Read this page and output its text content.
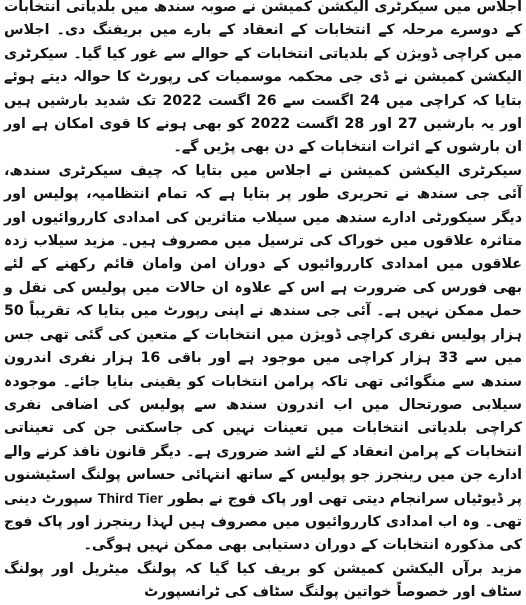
اجلاس میں سیکرٹری الیکشن کمیشن نے صوبہ سندھ میں بلدیاتی انتخابات کے دوسرے مرحلہ کے انتخابات کے انعقاد کے بارے میں بریفنگ دی۔ اجلاس میں کراچی ڈویژن کے بلدیاتی انتخابات کے حوالے سے غور کیا گیا۔ سیکرٹری الیکشن کمیشن نے ڈی جی محکمہ موسمیات کی رپورٹ کا حوالہ دیتے ہوئے بتایا کہ کراچی میں 24 اگست سے 26 اگست 2022 تک شدید بارشیں ہیں اور یہ بارشیں 27 اور 28 اگست 2022 کو بھی ہونے کا قوی امکان ہے اور ان بارشوں کے اثرات انتخابات کے دن بھی پڑیں گے۔

سیکرٹری الیکشن کمیشن نے اجلاس میں بتایا کہ چیف سیکرٹری سندھ، آئی جی سندھ نے تحریری طور پر بتایا ہے کہ تمام انتظامیہ، پولیس اور دیگر سیکورٹی ادارے سندھ میں سیلاب متاثرین کی امدادی کارروائیوں اور متاثرہ علاقوں میں خوراک کی ترسیل میں مصروف ہیں۔ مزید سیلاب زدہ علاقوں میں امدادی کارروائیوں کے دوران امن وامان قائم رکھنے کے لئے بھی فورس کی ضرورت ہے اس کے علاوہ ان حالات میں پولیس کی نقل و حمل ممکن نہیں ہے۔ آئی جی سندھ نے اپنی رپورٹ میں بتایا کہ تقریباً 50 ہزار پولیس نفری کراچی ڈویژن میں انتخابات کے متعین کی گئی تھی جس میں سے 33 ہزار کراچی میں موجود ہے اور باقی 16 ہزار نفری اندرون سندھ سے منگوائی تھی تاکہ پرامن انتخابات کو یقینی بنایا جائے۔ موجودہ سیلابی صورتحال میں اب اندرون سندھ سے پولیس کی اضافی نفری کراچی بلدیاتی انتخابات میں تعینات نہیں کی جاسکتی جن کی تعیناتی انتخابات کے پرامن انعقاد کے لئے اشد ضروری ہے۔ دیگر قانون نافذ کرنے والے ادارے جن میں رینجرز جو پولیس کے ساتھ انتہائی حساس پولنگ اسٹیشنوں پر ڈیوٹیاں سرانجام دیتی تھی اور پاک فوج نے بطور Third Tier سپورٹ دینی تھی۔ وہ اب امدادی کارروائیوں میں مصروف ہیں لہذا رینجرز اور پاک فوج کی مذکورہ انتخابات کے دوران دستیابی بھی ممکن نہیں ہوگی۔

مزید برآں الیکشن کمیشن کو بریف کیا گیا کہ پولنگ میٹریل اور پولنگ سٹاف اور خصوصاً خواتین پولنگ سٹاف کی ٹرانسپورٹ
